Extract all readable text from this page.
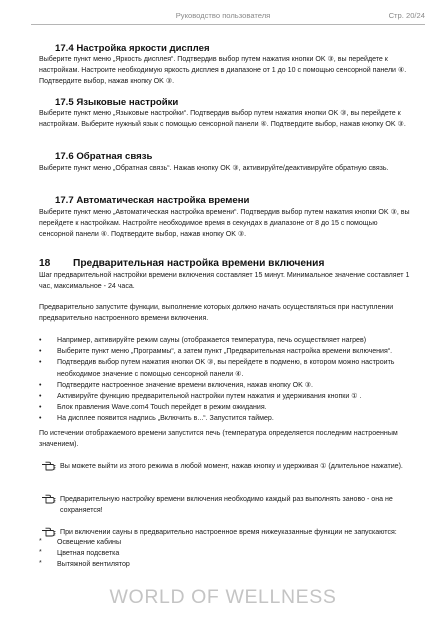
Руководство пользователя	Стр. 20/24
17.4 Настройка яркости дисплея

Выберите пункт меню „Яркость дисплея“. Подтвердив выбор путем нажатия кнопки OK ③, вы перейдете к настройкам. Настроите необходимую яркость дисплея в диапазоне от 1 до 10 с помощью сенсорной панели ④. Подтвердите выбор, нажав кнопку OK ③.

17.5 Языковые настройки

Выберите пункт меню „Языковые настройки“. Подтвердив выбор путем нажатия кнопки OK ③, вы перейдете к настройкам. Выберите нужный язык с помощью сенсорной панели ④. Подтвердите выбор, нажав кнопку OK ③.

17.6 Обратная связь

Выберите пункт меню „Обратная связь“. Нажав кнопку OK ③, активируйте/деактивируйте обратную связь.

17.7 Автоматическая настройка времени

Выберите пункт меню „Автоматическая настройка времени“. Подтвердив выбор путем нажатия кнопки OK ③, вы перейдете к настройкам. Настройте необходимое время в секундах в диапазоне от 8 до 15 с помощью сенсорной панели ④. Подтвердите выбор, нажав кнопку OK ③.

18 Предварительная настройка времени включения

Шаг предварительной настройки времени включения составляет 15 минут. Минимальное значение составляет 1 час, максимальное - 24 часа.

Предварительно запустите функции, выполнение которых должно начать осуществляться при наступлении предварительно настроенного времени включения.

• Например, активируйте режим сауны (отображается температура, печь осуществляет нагрев)
• Выберите пункт меню „Программы“, а затем пункт „Предварительная настройка времени включения“.
• Подтвердив выбор путем нажатия кнопки OK ③, вы перейдете в подменю, в котором можно настроить необходимое значение с помощью сенсорной панели ④.
• Подтвердите настроенное значение времени включения, нажав кнопку OK ③.
• Активируйте функцию предварительной настройки путем нажатия и удерживания кнопки ① .
• Блок правления Wave.com4 Touch перейдет в режим ожидания.
• На дисплее появится надпись „Включить в...“. Запустится таймер.

По истечении отображаемого времени запустится печь (температура определяется последним настроенным значением).

Вы можете выйти из этого режима в любой момент, нажав кнопку и удерживая ① (длительное нажатие).
Предварительную настройку времени включения необходимо каждый раз выполнять заново - она не сохраняется!
При включении сауны в предварительно настроенное время нижеуказанные функции не запускаются:
* Освещение кабины
* Цветная подсветка
* Вытяжной вентилятор
WORLD OF WELLNESS
